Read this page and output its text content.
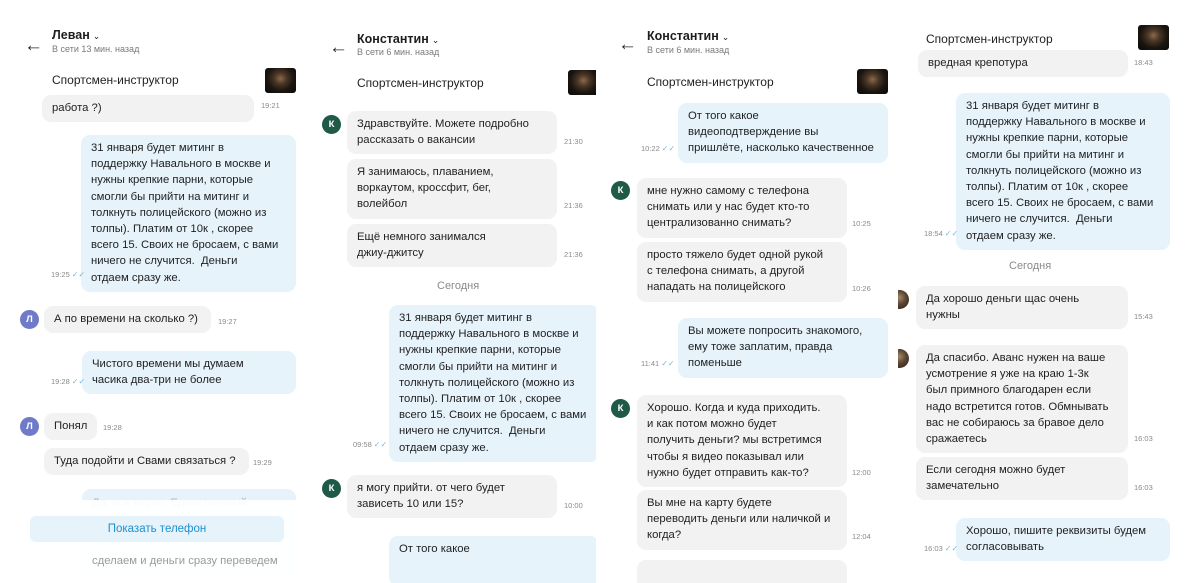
← Леван ⌄
В сети 13 мин. назад
Спортсмен-инструктор
работа ?)	19:21
31 января будет митинг в
поддержку Навального в москве и
нужны крепкие парни, которые
смогли бы прийти на митинг и
толкнуть полицейского (можно из
толпы). Платим от 10к , скорее
всего 15. Своих не бросаем, с вами
ничего не случится.  Деньги
отдаем сразу же.
19:25 ✓✓
Л	А по времени на сколько ?)	19:27
Чистого времени мы думаем
часика два-три не более
19:28 ✓✓
Л	Понял	19:28
Туда подойти и Свами связаться ?	19:29
Показать телефон
сделаем и деньги сразу переведем
← Константин ⌄
В сети 6 мин. назад
Спортсмен-инструктор
К	Здравствуйте. Можете подробно
рассказать о вакансии	21:30
Я занимаюсь, плаванием,
воркаутом, кроссфит, бег,
волейбол	21:36
Ещё немного занимался
джиу-джитсу	21:36
Сегодня
31 января будет митинг в
поддержку Навального в москве и
нужны крепкие парни, которые
смогли бы прийти на митинг и
толкнуть полицейского (можно из
толпы). Платим от 10к , скорее
всего 15. Своих не бросаем, с вами
ничего не случится.  Деньги
отдаем сразу же.
09:58 ✓✓
К	я могу прийти. от чего будет
зависеть 10 или 15?	10:00
От того какое
← Константин ⌄
В сети 6 мин. назад
Спортсмен-инструктор
От того какое
видеоподтверждение вы
пришлёте, насколько качественное
10:22 ✓✓
К	мне нужно самому с телефона
снимать или у нас будет кто-то
централизованно снимать?	10:25
просто тяжело будет одной рукой
с телефона снимать, а другой
нападать на полицейского	10:26
Вы можете попросить знакомого,
ему тоже заплатим, правда
поменьше
11:41 ✓✓
К	Хорошо. Когда и куда приходить.
и как потом можно будет
получить деньги? мы встретимся
чтобы я видео показывал или
нужно будет отправить как-то?	12:00
Вы мне на карту будете
переводить деньги или наличкой и
когда?	12:04
Спортсмен-инструктор
вредная крепотура	18:43
31 января будет митинг в
поддержку Навального в москве и
нужны крепкие парни, которые
смогли бы прийти на митинг и
толкнуть полицейского (можно из
толпы). Платим от 10к , скорее
всего 15. Своих не бросаем, с вами
ничего не случится.  Деньги
отдаем сразу же.
18:54 ✓✓
Сегодня
Да хорошо деньги щас очень
нужны	15:43
Да спасибо. Аванс нужен на ваше
усмотрение я уже на краю 1-3к
был примного благодарен если
надо встретится готов. Обмнывать
вас не собираюсь за бравое дело
сражаетесь	16:03
Если сегодня можно будет
замечательно	16:03
Хорошо, пишите реквизиты будем
согласовывать
16:03 ✓✓
